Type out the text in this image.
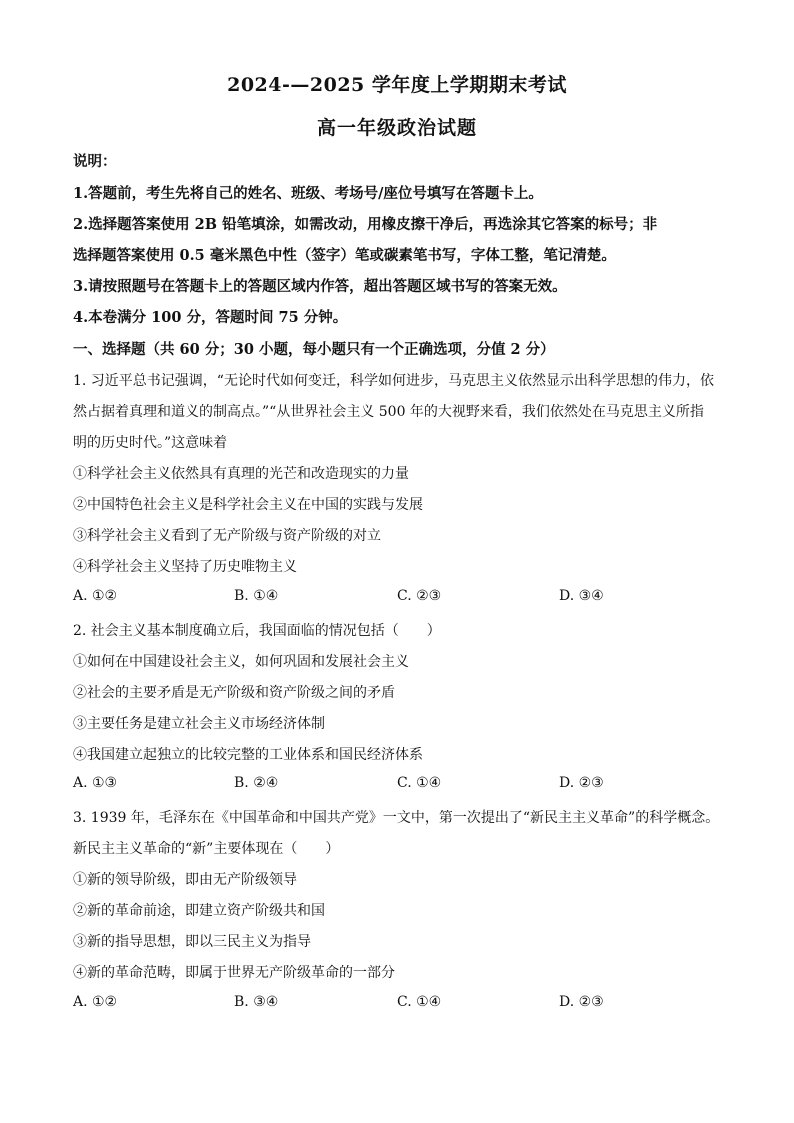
2024-—2025 学年度上学期期末考试
高一年级政治试题
说明：
1.答题前，考生先将自己的姓名、班级、考场号/座位号填写在答题卡上。
2.选择题答案使用 2B 铅笔填涂，如需改动，用橡皮擦干净后，再选涂其它答案的标号；非
选择题答案使用 0.5 毫米黑色中性（签字）笔或碳素笔书写，字体工整，笔记清楚。
3.请按照题号在答题卡上的答题区域内作答，超出答题区域书写的答案无效。
4.本卷满分 100 分，答题时间 75 分钟。
一、选择题（共 60 分；30 小题，每小题只有一个正确选项，分值 2 分）
1. 习近平总书记强调，“无论时代如何变迁，科学如何进步，马克思主义依然显示出科学思想的伟力，依
然占据着真理和道义的制高点。”“从世界社会主义 500 年的大视野来看，我们依然处在马克思主义所指
明的历史时代。”这意味着
①科学社会主义依然具有真理的光芒和改造现实的力量
②中国特色社会主义是科学社会主义在中国的实践与发展
③科学社会主义看到了无产阶级与资产阶级的对立
④科学社会主义坚持了历史唯物主义
A. ①②	B. ①④	C. ②③	D. ③④
2. 社会主义基本制度确立后，我国面临的情况包括（　　）
①如何在中国建设社会主义，如何巩固和发展社会主义
②社会的主要矛盾是无产阶级和资产阶级之间的矛盾
③主要任务是建立社会主义市场经济体制
④我国建立起独立的比较完整的工业体系和国民经济体系
A. ①③	B. ②④	C. ①④	D. ②③
3. 1939 年，毛泽东在《中国革命和中国共产党》一文中，第一次提出了“新民主主义革命”的科学概念。
新民主主义革命的“新”主要体现在（　　）
①新的领导阶级，即由无产阶级领导
②新的革命前途，即建立资产阶级共和国
③新的指导思想，即以三民主义为指导
④新的革命范畴，即属于世界无产阶级革命的一部分
A. ①②	B. ③④	C. ①④	D. ②③
